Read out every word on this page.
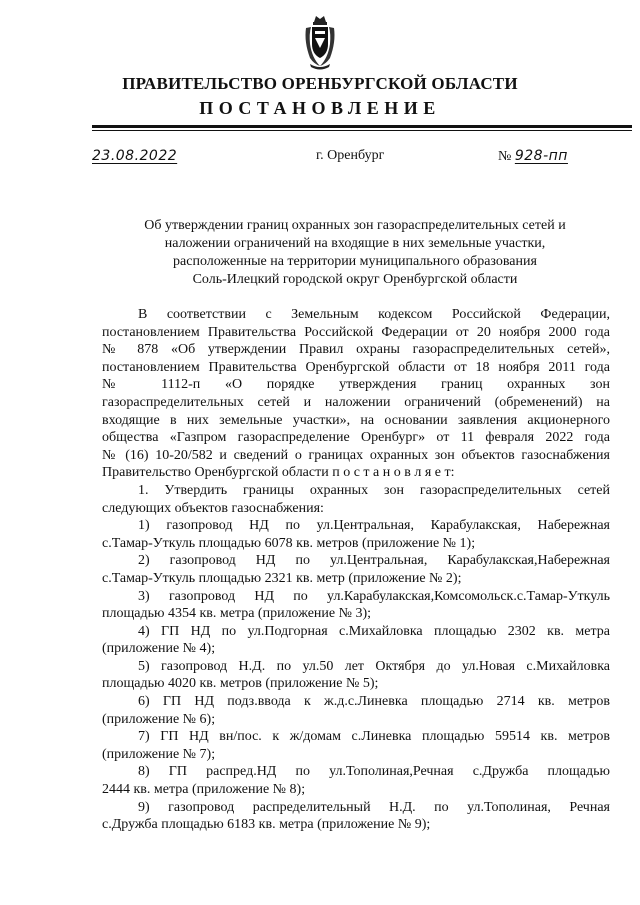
ПРАВИТЕЛЬСТВО ОРЕНБУРГСКОЙ ОБЛАСТИ
ПОСТАНОВЛЕНИЕ
23.08.2022	г. Оренбург	№ 928-пп
Об утверждении границ охранных зон газораспределительных сетей и
наложении ограничений на входящие в них земельные участки,
расположенные на территории муниципального образования
Соль-Илецкий городской округ Оренбургской области
В соответствии с Земельным кодексом Российской Федерации,
постановлением Правительства Российской Федерации от 20 ноября 2000 года
№ 878 «Об утверждении Правил охраны газораспределительных сетей»,
постановлением Правительства Оренбургской области от 18 ноября 2011 года
№ 1112-п «О порядке утверждения границ охранных зон
газораспределительных сетей и наложении ограничений (обременений) на
входящие в них земельные участки», на основании заявления акционерного
общества «Газпром газораспределение Оренбург» от 11 февраля 2022 года
№ (16) 10-20/582 и сведений о границах охранных зон объектов газоснабжения
Правительство Оренбургской области п о с т а н о в л я е т:
1. Утвердить границы охранных зон газораспределительных сетей
следующих объектов газоснабжения:
1) газопровод НД по ул.Центральная, Карабулакская, Набережная
с.Тамар-Уткуль площадью 6078 кв. метров (приложение № 1);
2) газопровод НД по ул.Центральная, Карабулакская,Набережная
с.Тамар-Уткуль площадью 2321 кв. метр (приложение № 2);
3) газопровод НД по ул.Карабулакская,Комсомольск.с.Тамар-Уткуль
площадью 4354 кв. метра (приложение № 3);
4) ГП НД по ул.Подгорная с.Михайловка площадью 2302 кв. метра
(приложение № 4);
5) газопровод Н.Д. по ул.50 лет Октября до ул.Новая с.Михайловка
площадью 4020 кв. метров (приложение № 5);
6) ГП НД подз.ввода к ж.д.с.Линевка площадью 2714 кв. метров
(приложение № 6);
7) ГП НД вн/пос. к ж/домам с.Линевка площадью 59514 кв. метров
(приложение № 7);
8) ГП распред.НД по ул.Тополиная,Речная с.Дружба площадью
2444 кв. метра (приложение № 8);
9) газопровод распределительный Н.Д. по ул.Тополиная, Речная
с.Дружба площадью 6183 кв. метра (приложение № 9);
